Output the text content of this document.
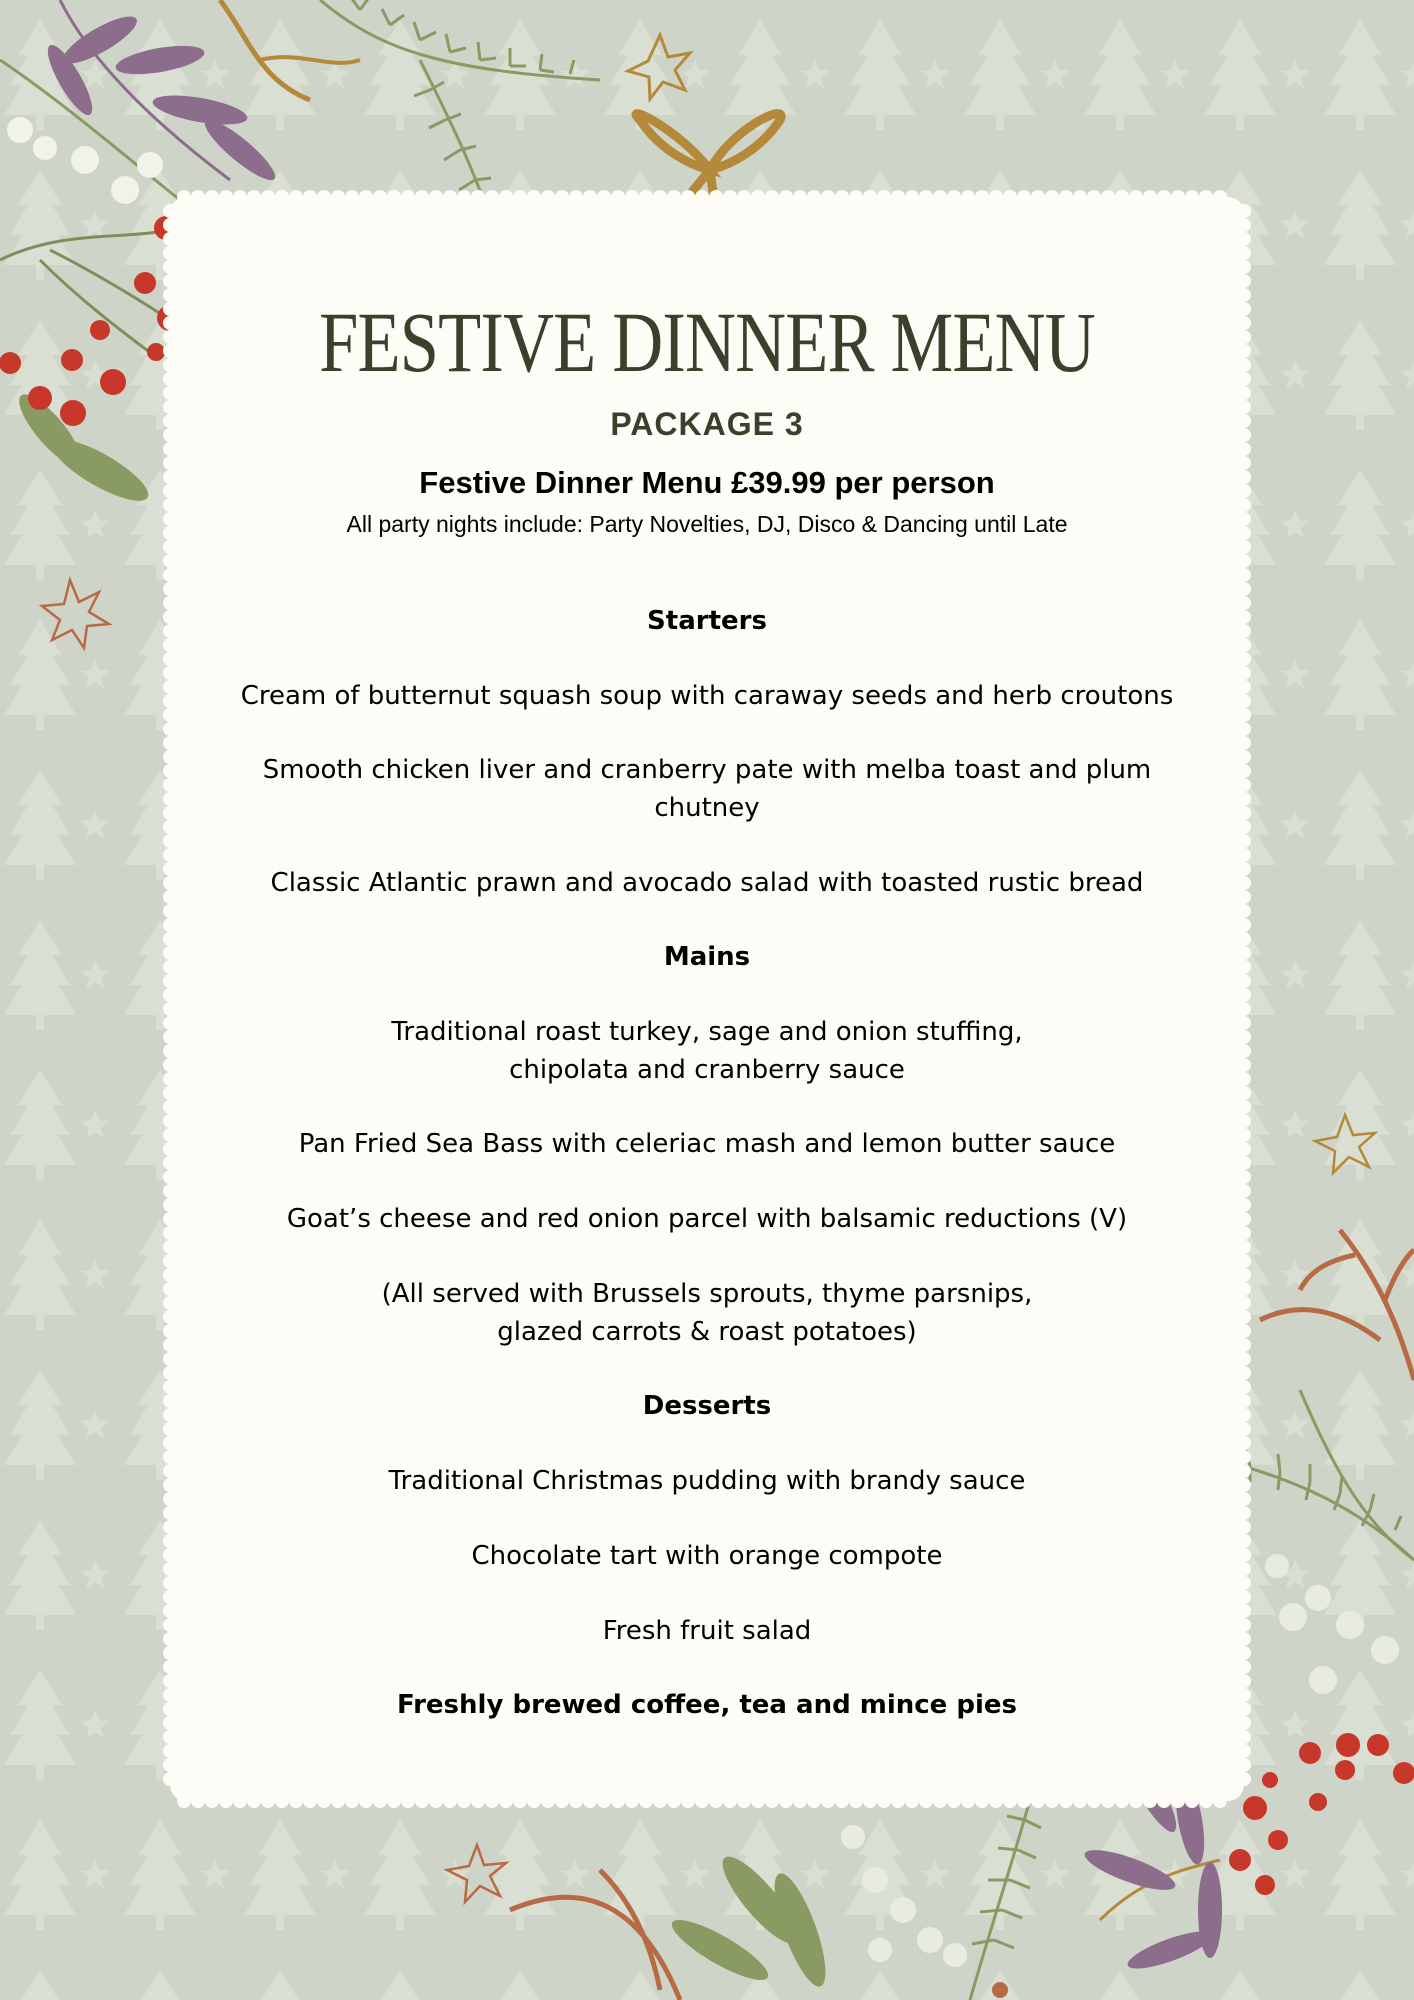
FESTIVE DINNER MENU
PACKAGE 3
Festive Dinner Menu £39.99 per person
All party nights include: Party Novelties, DJ, Disco & Dancing until Late
Starters
Cream of butternut squash soup with caraway seeds and herb croutons
Smooth chicken liver and cranberry pate with melba toast and plum
chutney
Classic Atlantic prawn and avocado salad with toasted rustic bread
Mains
Traditional roast turkey, sage and onion stuffing,
chipolata and cranberry sauce
Pan Fried Sea Bass with celeriac mash and lemon butter sauce
Goat’s cheese and red onion parcel with balsamic reductions (V)
(All served with Brussels sprouts, thyme parsnips,
glazed carrots & roast potatoes)
Desserts
Traditional Christmas pudding with brandy sauce
Chocolate tart with orange compote
Fresh fruit salad
Freshly brewed coffee, tea and mince pies
